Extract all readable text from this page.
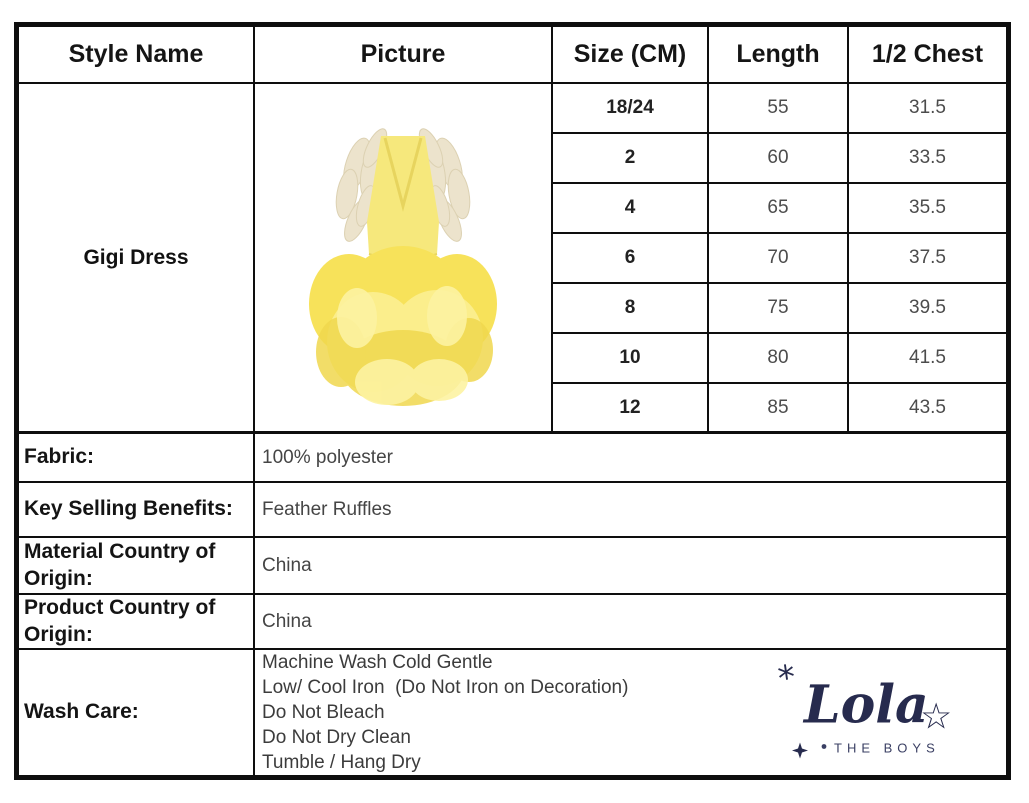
Style Name	Picture	Size (CM)	Length	1/2 Chest
Gigi Dress
18/24	55	31.5
2	60	33.5
4	65	35.5
6	70	37.5
8	75	39.5
10	80	41.5
12	85	43.5
Fabric:	100% polyester
Key Selling Benefits:	Feather Ruffles
Material Country of Origin:
China
Product Country of Origin:
China
Wash Care:
Machine Wash Cold Gentle
Low/ Cool Iron  (Do Not Iron on Decoration)
Do Not Bleach
Do Not Dry Clean
Tumble / Hang Dry
* Lola
☆
THE BOYS
